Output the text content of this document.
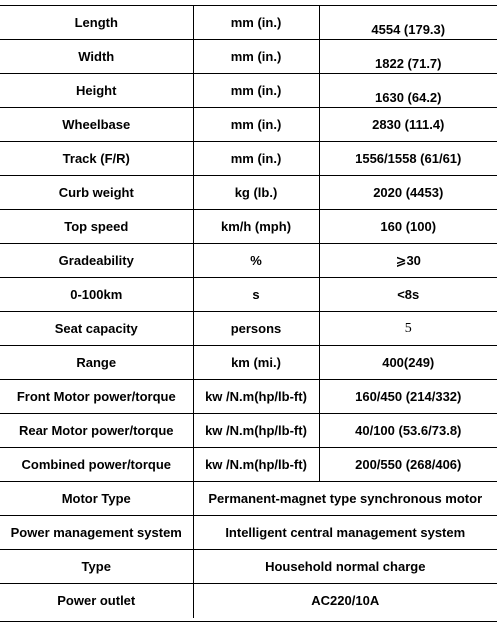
Length	mm (in.)	4554 (179.3)
Width	mm (in.)	1822 (71.7)
Height	mm (in.)	1630 (64.2)
Wheelbase	mm (in.)	2830 (111.4)
Track (F/R)	mm (in.)	1556/1558 (61/61)
Curb weight	kg (lb.)	2020 (4453)
Top speed	km/h (mph)	160 (100)
Gradeability	%	⩾30
0-100km	s	<8s
Seat capacity	persons	5
Range	km (mi.)	400(249)
Front Motor power/torque	kw /N.m(hp/lb-ft)	160/450 (214/332)
Rear Motor power/torque	kw /N.m(hp/lb-ft)	40/100 (53.6/73.8)
Combined power/torque	kw /N.m(hp/lb-ft)	200/550 (268/406)
Motor Type	Permanent-magnet type synchronous motor	
Power management system	Intelligent central management system	
Type	Household normal charge	
Power outlet	AC220/10A	
